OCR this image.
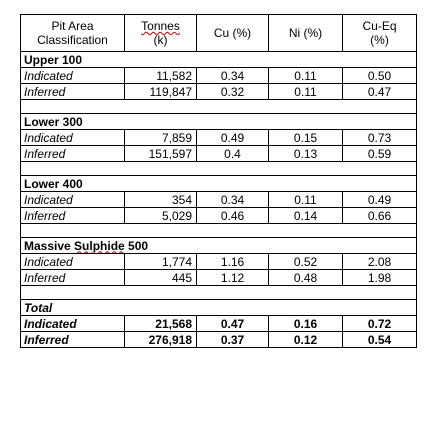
Pit Area Classification	Tonnes
(k)	Cu (%)	Ni (%)	Cu-Eq
(%)
Upper 100				
Indicated	11,582	0.34	0.11	0.50
Inferred	119,847	0.32	0.11	0.47

Lower 300				
Indicated	7,859	0.49	0.15	0.73
Inferred	151,597	0.4	0.13	0.59

Lower 400				
Indicated	354	0.34	0.11	0.49
Inferred	5,029	0.46	0.14	0.66

Massive Sulphide 500				
Indicated	1,774	1.16	0.52	2.08
Inferred	445	1.12	0.48	1.98

Total				
Indicated	21,568	0.47	0.16	0.72
Inferred	276,918	0.37	0.12	0.54
